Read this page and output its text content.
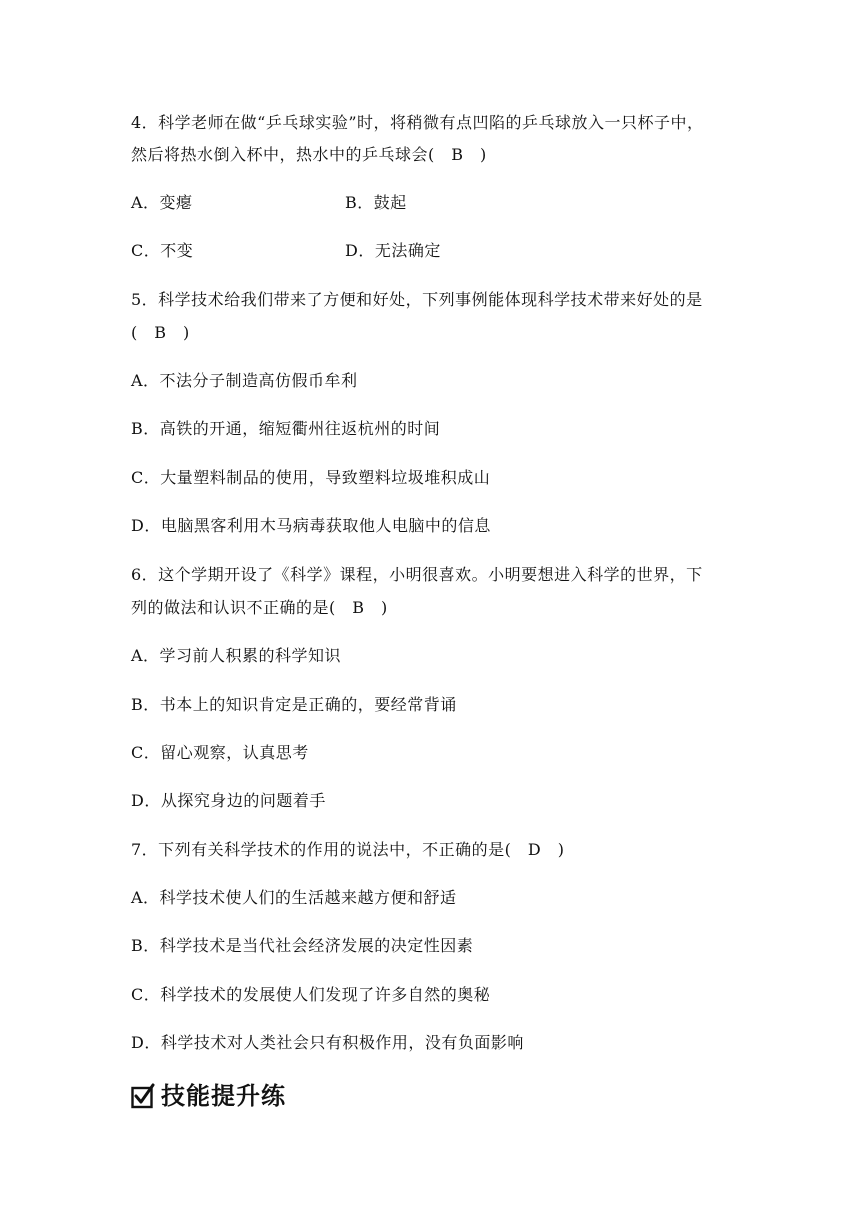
4．科学老师在做“乒乓球实验”时，将稍微有点凹陷的乒乓球放入一只杯子中，
然后将热水倒入杯中，热水中的乒乓球会(　B　)
A．变瘪	B．鼓起
C．不变	D．无法确定
5．科学技术给我们带来了方便和好处，下列事例能体现科学技术带来好处的是
(　B　)
A．不法分子制造高仿假币牟利
B．高铁的开通，缩短衢州往返杭州的时间
C．大量塑料制品的使用，导致塑料垃圾堆积成山
D．电脑黑客利用木马病毒获取他人电脑中的信息
6．这个学期开设了《科学》课程，小明很喜欢。小明要想进入科学的世界，下
列的做法和认识不正确的是(　B　)
A．学习前人积累的科学知识
B．书本上的知识肯定是正确的，要经常背诵
C．留心观察，认真思考
D．从探究身边的问题着手
7．下列有关科学技术的作用的说法中，不正确的是(　D　)
A．科学技术使人们的生活越来越方便和舒适
B．科学技术是当代社会经济发展的决定性因素
C．科学技术的发展使人们发现了许多自然的奥秘
D．科学技术对人类社会只有积极作用，没有负面影响
技能提升练
